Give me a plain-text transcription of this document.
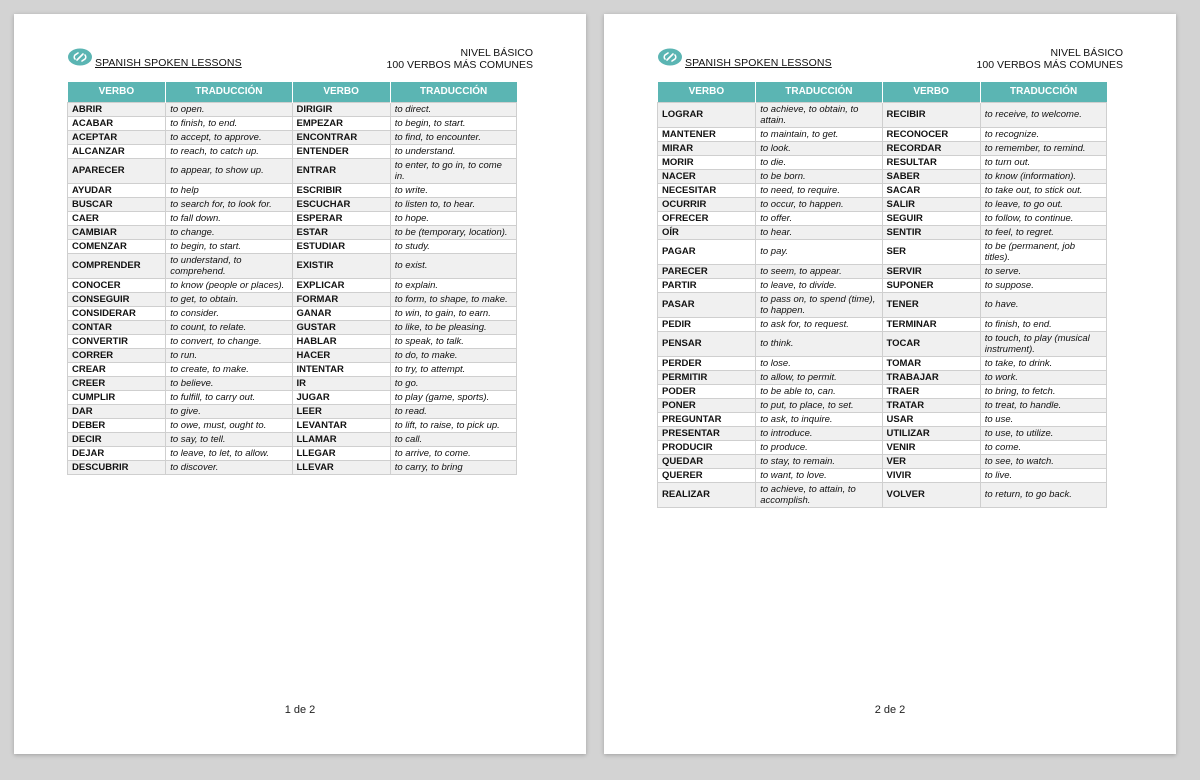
SPANISH SPOKEN LESSONS
NIVEL BÁSICO
100 VERBOS MÁS COMUNES
VERBO	TRADUCCIÓN	VERBO	TRADUCCIÓN
ABRIR	to open.	DIRIGIR	to direct.
ACABAR	to finish, to end.	EMPEZAR	to begin, to start.
ACEPTAR	to accept, to approve.	ENCONTRAR	to find, to encounter.
ALCANZAR	to reach, to catch up.	ENTENDER	to understand.
APARECER	to appear, to show up.	ENTRAR	to enter, to go in, to come in.
AYUDAR	to help	ESCRIBIR	to write.
BUSCAR	to search for, to look for.	ESCUCHAR	to listen to, to hear.
CAER	to fall down.	ESPERAR	to hope.
CAMBIAR	to change.	ESTAR	to be (temporary, location).
COMENZAR	to begin, to start.	ESTUDIAR	to study.
COMPRENDER	to understand, to comprehend.	EXISTIR	to exist.
CONOCER	to know (people or places).	EXPLICAR	to explain.
CONSEGUIR	to get, to obtain.	FORMAR	to form, to shape, to make.
CONSIDERAR	to consider.	GANAR	to win, to gain, to earn.
CONTAR	to count, to relate.	GUSTAR	to like, to be pleasing.
CONVERTIR	to convert, to change.	HABLAR	to speak, to talk.
CORRER	to run.	HACER	to do, to make.
CREAR	to create, to make.	INTENTAR	to try, to attempt.
CREER	to believe.	IR	to go.
CUMPLIR	to fulfill, to carry out.	JUGAR	to play (game, sports).
DAR	to give.	LEER	to read.
DEBER	to owe, must, ought to.	LEVANTAR	to lift, to raise, to pick up.
DECIR	to say, to tell.	LLAMAR	to call.
DEJAR	to leave, to let, to allow.	LLEGAR	to arrive, to come.
DESCUBRIR	to discover.	LLEVAR	to carry, to bring
1 de 2
SPANISH SPOKEN LESSONS
NIVEL BÁSICO
100 VERBOS MÁS COMUNES
VERBO	TRADUCCIÓN	VERBO	TRADUCCIÓN
LOGRAR	to achieve, to obtain, to attain.	RECIBIR	to receive, to welcome.
MANTENER	to maintain, to get.	RECONOCER	to recognize.
MIRAR	to look.	RECORDAR	to remember, to remind.
MORIR	to die.	RESULTAR	to turn out.
NACER	to be born.	SABER	to know (information).
NECESITAR	to need, to require.	SACAR	to take out, to stick out.
OCURRIR	to occur, to happen.	SALIR	to leave, to go out.
OFRECER	to offer.	SEGUIR	to follow, to continue.
OÍR	to hear.	SENTIR	to feel, to regret.
PAGAR	to pay.	SER	to be (permanent, job titles).
PARECER	to seem, to appear.	SERVIR	to serve.
PARTIR	to leave, to divide.	SUPONER	to suppose.
PASAR	to pass on, to spend (time), to happen.	TENER	to have.
PEDIR	to ask for, to request.	TERMINAR	to finish, to end.
PENSAR	to think.	TOCAR	to touch, to play (musical instrument).
PERDER	to lose.	TOMAR	to take, to drink.
PERMITIR	to allow, to permit.	TRABAJAR	to work.
PODER	to be able to, can.	TRAER	to bring, to fetch.
PONER	to put, to place, to set.	TRATAR	to treat, to handle.
PREGUNTAR	to ask, to inquire.	USAR	to use.
PRESENTAR	to introduce.	UTILIZAR	to use, to utilize.
PRODUCIR	to produce.	VENIR	to come.
QUEDAR	to stay, to remain.	VER	to see, to watch.
QUERER	to want, to love.	VIVIR	to live.
REALIZAR	to achieve, to attain, to accomplish.	VOLVER	to return, to go back.
2 de 2
